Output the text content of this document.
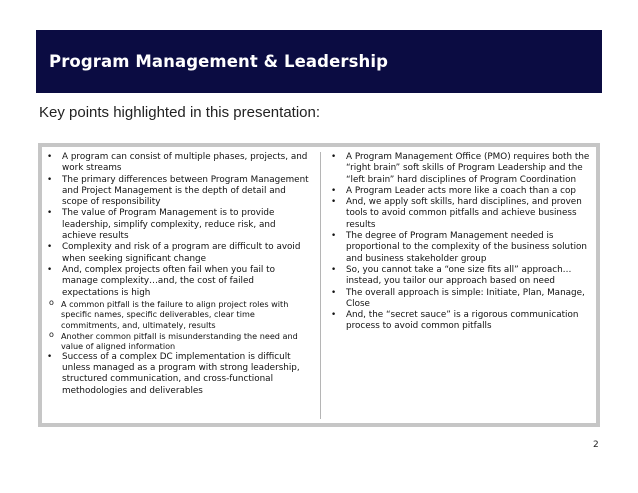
Program Management & Leadership
Key points highlighted in this presentation:
• A program can consist of multiple phases, projects, and work streams
• The primary differences between Program Management and Project Management is the depth of detail and scope of responsibility
• The value of Program Management is to provide leadership, simplify complexity, reduce risk, and achieve results
• Complexity and risk of a program are difficult to avoid when seeking significant change
• And, complex projects often fail when you fail to manage complexity…and, the cost of failed expectations is high
o A common pitfall is the failure to align project roles with specific names, specific deliverables, clear time commitments, and, ultimately, results
o Another common pitfall is misunderstanding the need and value of aligned information
• Success of a complex DC implementation is difficult unless managed as a program with strong leadership, structured communication, and cross-functional methodologies and deliverables
• A Program Management Office (PMO) requires both the “right brain” soft skills of Program Leadership and the “left brain” hard disciplines of Program Coordination
• A Program Leader acts more like a coach than a cop
• And, we apply soft skills, hard disciplines, and proven tools to avoid common pitfalls and achieve business results
• The degree of Program Management needed is proportional to the complexity of the business solution and business stakeholder group
• So, you cannot take a “one size fits all” approach… instead, you tailor our approach based on need
• The overall approach is simple: Initiate, Plan, Manage, Close
• And, the “secret sauce” is a rigorous communication process to avoid common pitfalls
2
